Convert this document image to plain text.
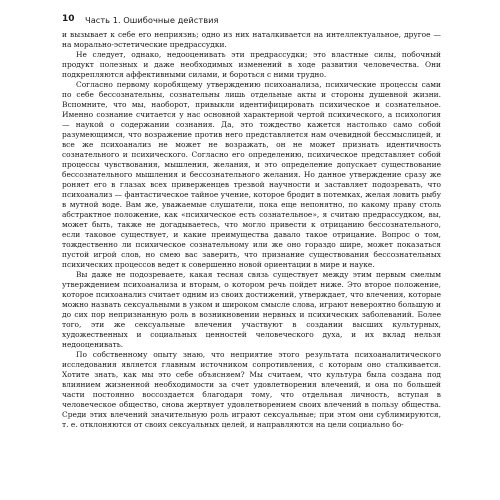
10 Часть 1. Ошибочные действия

и вызывает к себе его неприязнь; одно из них наталкивается на интеллектуальное, другое — на морально-эстетические предрассудки.

Не следует, однако, недооценивать эти предрассудки; это властные силы, побочный продукт полезных и даже необходимых изменений в ходе развития человечества. Они подкрепляются аффективными силами, и бороться с ними трудно.

Согласно первому коробящему утверждению психоанализа, психические процессы сами по себе бессознательны, сознательны лишь отдельные акты и стороны душевной жизни. Вспомните, что мы, наоборот, привыкли идентифицировать психическое и сознательное. Именно сознание считается у нас основной характерной чертой психического, а психология — наукой о содержании сознания. Да, это тождество кажется настолько само собой разумеющимся, что возражение против него представляется нам очевидной бессмыслицей, и все же психоанализ не может не возражать, он не может признать идентичность сознательного и психического. Согласно его определению, психическое представляет собой процессы чувствования, мышления, желания, и это определение допускает существование бессознательного мышления и бессознательного желания. Но данное утверждение сразу же роняет его в глазах всех приверженцев трезвой научности и заставляет подозревать, что психоанализ — фантастическое тайное учение, которое бродит в потемках, желая ловить рыбу в мутной воде. Вам же, уважаемые слушатели, пока еще непонятно, по какому праву столь абстрактное положение, как «психическое есть сознательное», я считаю предрассудком, вы, может быть, также не догадываетесь, что могло привести к отрицанию бессознательного, если таковое существует, и какие преимущества давало такое отрицание. Вопрос о том, тождественно ли психическое сознательному или же оно гораздо шире, может показаться пустой игрой слов, но смею вас заверить, что признание существования бессознательных психических процессов ведет к совершенно новой ориентации в мире и науке.

Вы даже не подозреваете, какая тесная связь существует между этим первым смелым утверждением психоанализа и вторым, о котором речь пойдет ниже. Это второе положение, которое психоанализ считает одним из своих достижений, утверждает, что влечения, которые можно назвать сексуальными в узком и широком смысле слова, играют невероятно большую и до сих пор непризнанную роль в возникновении нервных и психических заболеваний. Более того, эти же сексуальные влечения участвуют в создании высших культурных, художественных и социальных ценностей человеческого духа, и их вклад нельзя недооценивать.

По собственному опыту знаю, что неприятие этого результата психоаналитического исследования является главным источником сопротивления, с которым оно сталкивается. Хотите знать, как мы это себе объясняем? Мы считаем, что культура была создана под влиянием жизненной необходимости за счет удовлетворения влечений, и она по большей части постоянно воссоздается благодаря тому, что отдельная личность, вступая в человеческое общество, снова жертвует удовлетворением своих влечений в пользу общества. Среди этих влечений значительную роль играют сексуальные; при этом они сублимируются, т. е. отклоняются от своих сексуальных целей, и направляются на цели социально бо-
